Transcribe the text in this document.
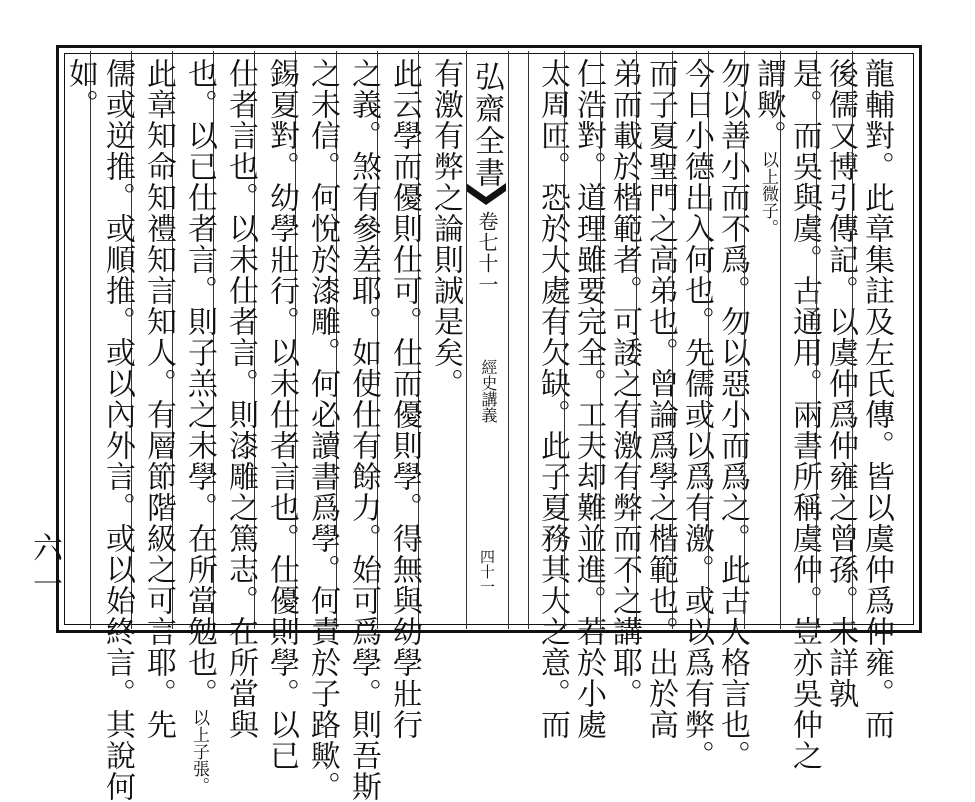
龍輔對。此章集註及左氏傳。皆以虞仲爲仲雍。而
後儒又博引傳記。以虞仲爲仲雍之曾孫。未詳孰
是。而吳與虞。古通用。兩書所稱虞仲。豈亦吳仲之
謂歟。以上微子。
勿以善小而不爲。勿以惡小而爲之。此古人格言也。
今日小德出入何也。先儒或以爲有激。或以爲有弊。
而子夏聖門之高弟也。曾論爲學之楷範也。出於高
弟而載於楷範者。可諉之有激有弊而不之講耶。
仁浩對。道理雖要完全。工夫却難並進。若於小處
弘齋全書
卷七十一
經史講義
四十一
有激有弊之論則誠是矣。
此云學而優則仕可。仕而優則學。得無與幼學壯行
之義。煞有參差耶。如使仕有餘力。始可爲學。則吾斯
之未信。何悅於漆雕。何必讀書爲學。何責於子路歟。
錫夏對。幼學壯行。以未仕者言也。仕優則學。以已
仕者言也。以未仕者言。則漆雕之篤志。在所當與
也。以已仕者言。則子羔之未學。在所當勉也。以上子張。
此章知命知禮知言知人。有層節階級之可言耶。先
儒或逆推。或順推。或以內外言。或以始終言。其說何
如。
六一	太周匝。恐於大處有欠缺。此子夏務其大之意。而
